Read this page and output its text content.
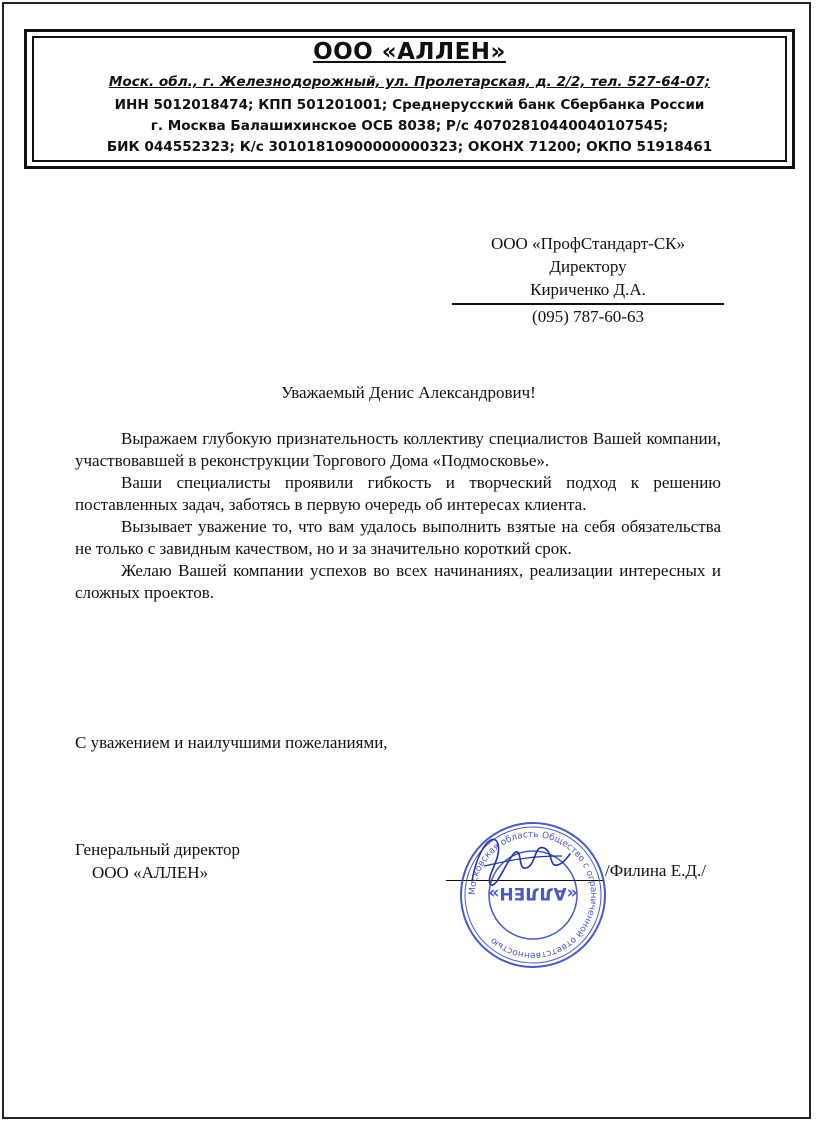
ООО «АЛЛЕН»
Моск. обл., г. Железнодорожный, ул. Пролетарская, д. 2/2, тел. 527-64-07;
ИНН 5012018474; КПП 501201001; Среднерусский банк Сбербанка России
г. Москва Балашихинское ОСБ 8038; Р/с 40702810440040107545;
БИК 044552323; К/с 30101810900000000323; ОКОНХ 71200; ОКПО 51918461
ООО «ПрофСтандарт-СК»
Директору
Кириченко Д.А.
(095) 787-60-63
Уважаемый Денис Александрович!

Выражаем глубокую признательность коллективу специалистов Вашей компании, участвовавшей в реконструкции Торгового Дома «Подмосковье».

Ваши специалисты проявили гибкость и творческий подход к решению поставленных задач, заботясь в первую очередь об интересах клиента.

Вызывает уважение то, что вам удалось выполнить взятые на себя обязательства не только с завидным качеством, но и за значительно короткий срок.

Желаю Вашей компании успехов во всех начинаниях, реализации интересных и сложных проектов.

С уважением и наилучшими пожеланиями,
Генеральный директор
ООО «АЛЛЕН»	/Филина Е.Д./
Московская область Общество с ограниченной ответственностью
«АЛЛЕН»
